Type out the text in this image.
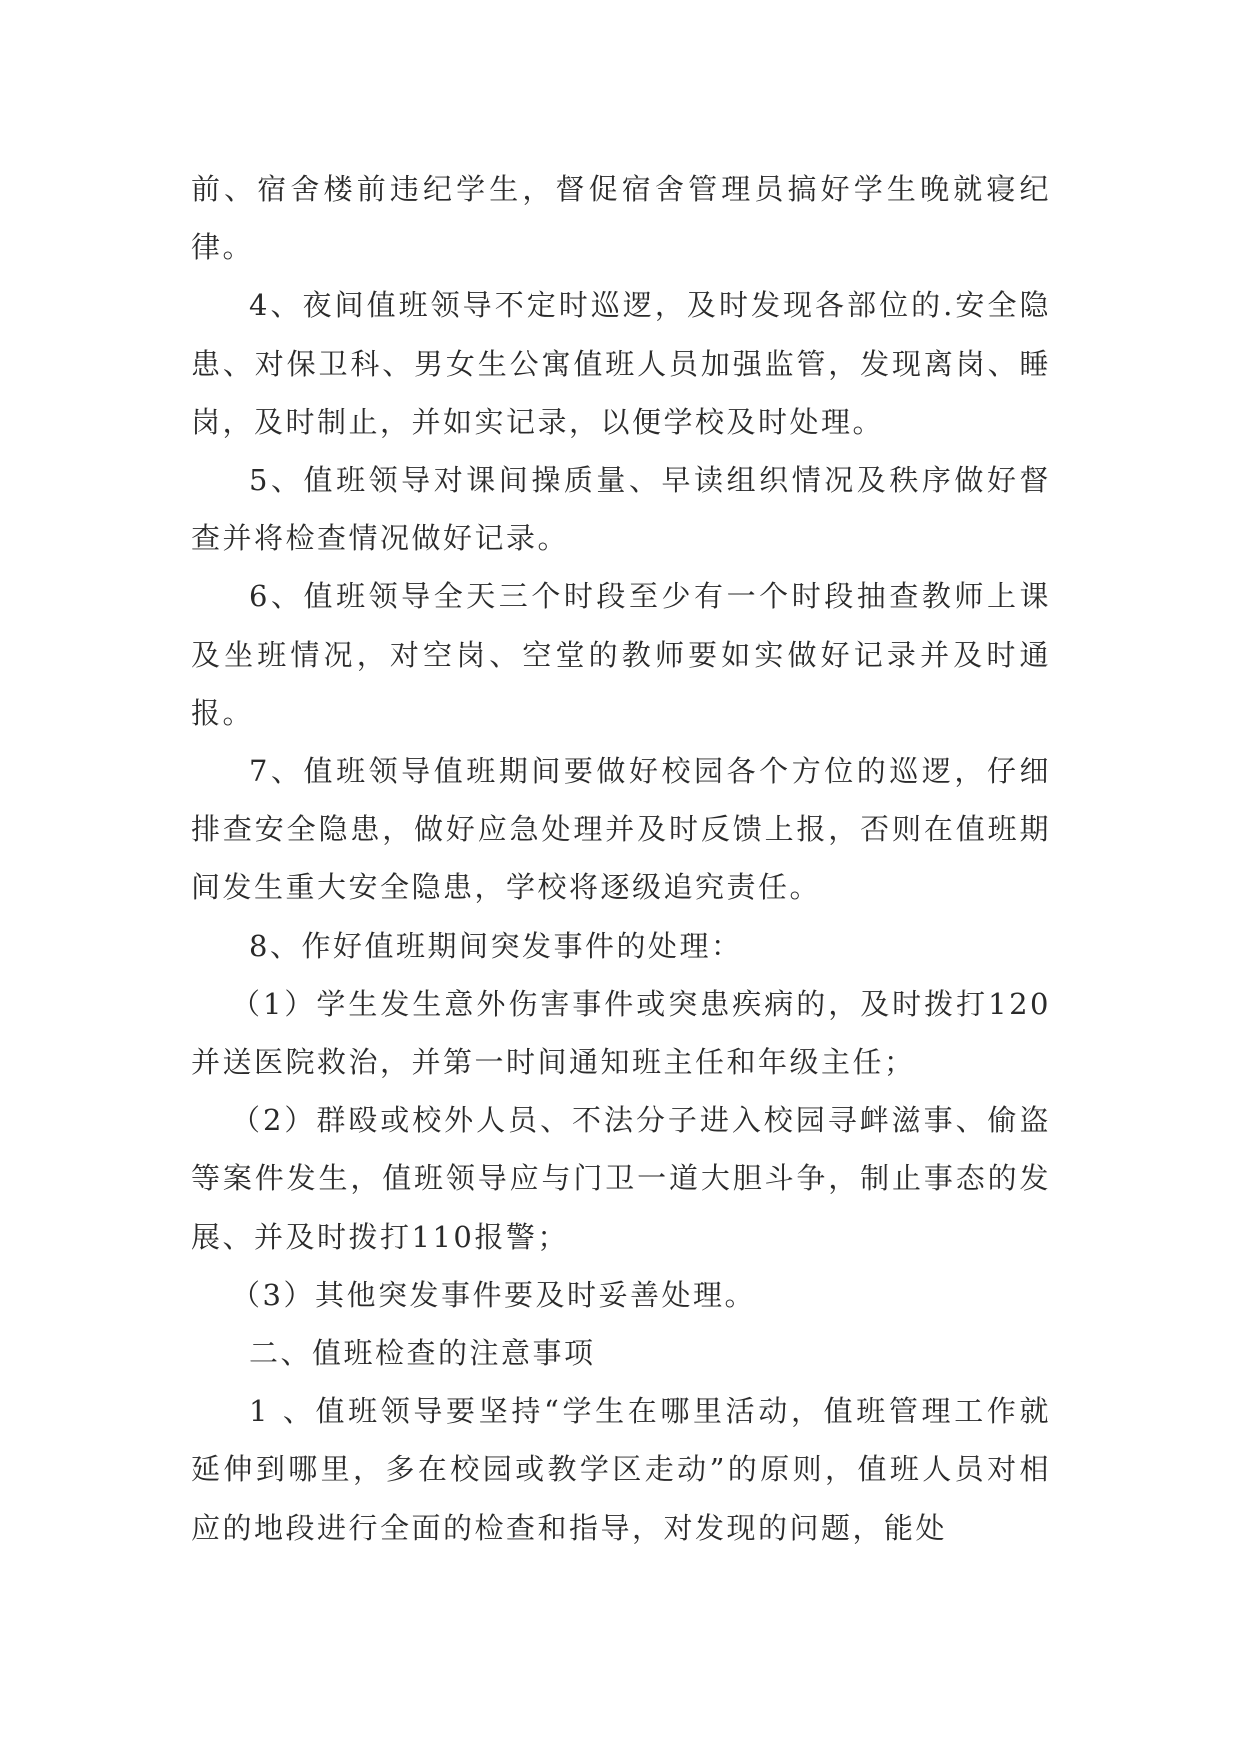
前、宿舍楼前违纪学生，督促宿舍管理员搞好学生晚就寝纪律。

4、夜间值班领导不定时巡逻，及时发现各部位的.安全隐患、对保卫科、男女生公寓值班人员加强监管，发现离岗、睡岗，及时制止，并如实记录，以便学校及时处理。

5、值班领导对课间操质量、早读组织情况及秩序做好督查并将检查情况做好记录。

6、值班领导全天三个时段至少有一个时段抽查教师上课及坐班情况，对空岗、空堂的教师要如实做好记录并及时通报。

7、值班领导值班期间要做好校园各个方位的巡逻，仔细排查安全隐患，做好应急处理并及时反馈上报，否则在值班期间发生重大安全隐患，学校将逐级追究责任。

8、作好值班期间突发事件的处理：

（1）学生发生意外伤害事件或突患疾病的，及时拨打120并送医院救治，并第一时间通知班主任和年级主任；

（2）群殴或校外人员、不法分子进入校园寻衅滋事、偷盗等案件发生，值班领导应与门卫一道大胆斗争，制止事态的发展、并及时拨打110报警；

（3）其他突发事件要及时妥善处理。

二、值班检查的注意事项

1 、值班领导要坚持“学生在哪里活动，值班管理工作就延伸到哪里，多在校园或教学区走动”的原则，值班人员对相应的地段进行全面的检查和指导，对发现的问题，能处
